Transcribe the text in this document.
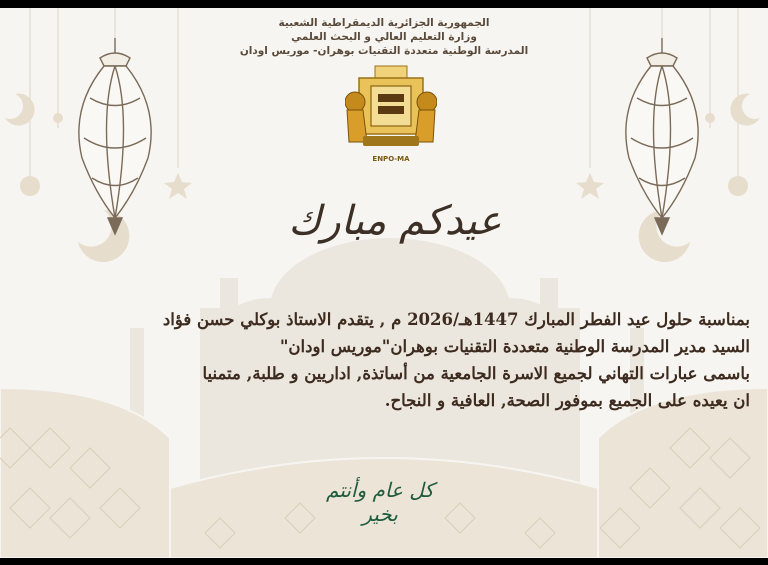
الجمهورية الجزائرية الديمقراطية الشعبية
وزارة التعليم العالي و البحث العلمي
المدرسة الوطنية متعددة التقنيات بوهران- موريس اودان
ENPO-MA
عيدكم مبارك
بمناسبة حلول عيد الفطر المبارك 1447هـ/2026 م , يتقدم الاستاذ بوكلي حسن فؤاد
السيد مدير المدرسة الوطنية متعددة التقنيات بوهران"موريس اودان"
باسمى عبارات التهاني لجميع الاسرة الجامعية من أساتذة, اداريين و طلبة, متمنيا
ان يعيده على الجميع بموفور الصحة, العافية و النجاح.
كل عام وأنتم بخير
